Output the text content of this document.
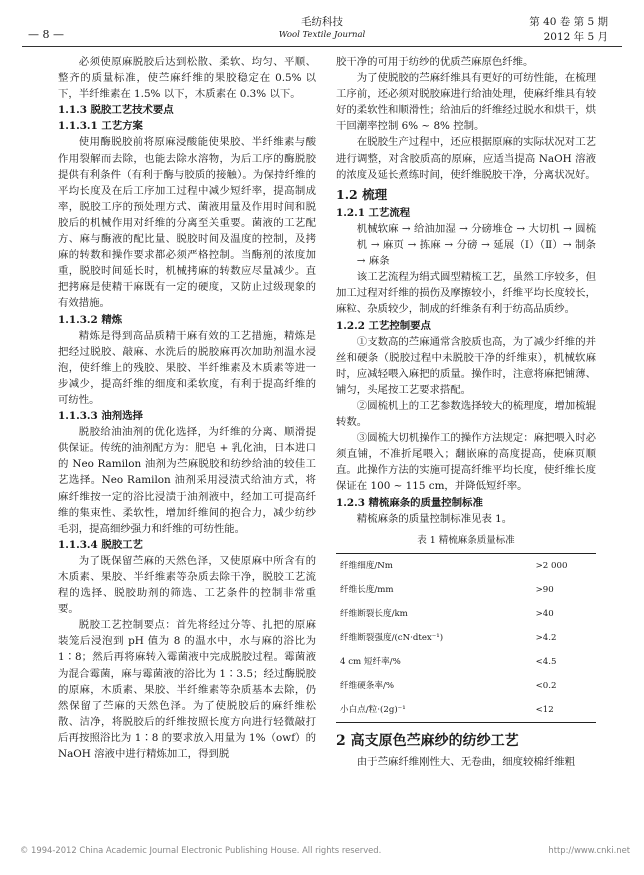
— 8 —
毛纺科技
Wool Textile Journal
第 40 卷 第 5 期
2012 年 5 月

必须使原麻脱胶后达到松散、柔软、均匀、平顺、整齐的质量标准，使苎麻纤维的果胶稳定在 0.5% 以下，半纤维素在 1.5% 以下，木质素在 0.3% 以下。

1.1.3 脱胶工艺技术要点
1.1.3.1 工艺方案

使用酶脱胶前将原麻浸酸能使果胶、半纤维素与酸作用裂解而去除，也能去除水溶物，为后工序的酶脱胶提供有利条件（有利于酶与胶质的接触）。为保持纤维的平均长度及在后工序加工过程中减少短纤率，提高制成率，脱胶工序的预处理方式、菌液用量及作用时间和脱胶后的机械作用对纤维的分离至关重要。菌液的工艺配方、麻与酶液的配比量、脱胶时间及温度的控制，及拷麻的转数和操作要求都必须严格控制。当酶剂的浓度加重，脱胶时间延长时，机械拷麻的转数应尽量减少。直把拷麻是使精干麻既有一定的硬度，又防止过级现象的有效措施。

1.1.3.2 精炼

精炼是得到高品质精干麻有效的工艺措施，精炼是把经过脱胶、敲麻、水洗后的脱胶麻再次加助剂温水浸泡，使纤维上的残胶、果胶、半纤维素及木质素等进一步减少，提高纤维的细度和柔软度，有利于提高纤维的可纺性。

1.1.3.3 油剂选择

脱胶给油油剂的优化选择，为纤维的分离、顺滑提供保证。传统的油剂配方为：肥皂 + 乳化油，日本进口的 Neo Ramilon 油剂为苎麻脱胶和纺纱给油的较佳工艺选择。Neo Ramilon 油剂采用浸渍式给油方式，将麻纤维按一定的浴比浸渍于油剂液中，经加工可提高纤维的集束性、柔软性，增加纤维间的抱合力，减少纺纱毛羽，提高细纱强力和纤维的可纺性能。

1.1.3.4 脱胶工艺

为了既保留苎麻的天然色泽，又使原麻中所含有的木质素、果胶、半纤维素等杂质去除干净，脱胶工艺流程的选择、脱胶助剂的筛选、工艺条件的控制非常重要。

脱胶工艺控制要点：首先将经过分等、扎把的原麻装笼后浸泡到 pH 值为 8 的温水中，水与麻的浴比为 1∶8；然后再将麻转入霉菌液中完成脱胶过程。霉菌液为混合霉菌，麻与霉菌液的浴比为 1∶3.5；经过酶脱胶的原麻，木质素、果胶、半纤维素等杂质基本去除，仍然保留了苎麻的天然色泽。为了使脱胶后的麻纤维松散、洁净，将脱胶后的纤维按照长度方向进行轻微敲打后再按照浴比为 1∶8 的要求放入用量为 1%（owf）的 NaOH 溶液中进行精炼加工，得到脱

胶干净的可用于纺纱的优质苎麻原色纤维。

为了使脱胶的苎麻纤维具有更好的可纺性能，在梳理工序前，还必须对脱胶麻进行给油处理，使麻纤维具有较好的柔软性和顺滑性；给油后的纤维经过脱水和烘干，烘干回潮率控制 6% ~ 8% 控制。

在脱胶生产过程中，还应根据原麻的实际状况对工艺进行调整，对含胶质高的原麻，应适当提高 NaOH 溶液的浓度及延长煮练时间，使纤维脱胶干净，分离状况好。

1.2 梳理
1.2.1 工艺流程

机械软麻 → 给油加湿 → 分磅堆仓 → 大切机 → 圆梳机 → 麻页 → 拣麻 → 分磅 → 延展（Ⅰ）（Ⅱ）→ 制条 → 麻条

该工艺流程为绢式圆型精梳工艺，虽然工序较多，但加工过程对纤维的损伤及摩擦较小，纤维平均长度较长，麻粒、杂质较少，制成的纤维条有利于纺高品质纱。

1.2.2 工艺控制要点

①支数高的苎麻通常含胶质也高，为了减少纤维的并丝和硬条（脱胶过程中未脱胶干净的纤维束），机械软麻时，应减轻喂入麻把的质量。操作时，注意将麻把铺薄、铺匀，头尾按工艺要求搭配。

②圆梳机上的工艺参数选择较大的梳理度，增加梳辊转数。

③圆梳大切机操作工的操作方法规定：麻把喂入时必须直铺，不准折尾喂入；翻嵌麻的高度提高，使麻页顺直。此操作方法的实施可提高纤维平均长度，使纤维长度保证在 100 ~ 115 cm，并降低短纤率。

1.2.3 精梳麻条的质量控制标准

精梳麻条的质量控制标准见表 1。

表 1 精梳麻条质量标准
纤维细度/Nm	>2 000
纤维长度/mm	>90
纤维断裂长度/km	>40
纤维断裂强度/(cN·dtex⁻¹)	>4.2
4 cm 短纤率/%	<4.5
纤维硬条率/%	<0.2
小白点/粒·(2g)⁻¹	<12
2 高支原色苎麻纱的纺纱工艺

由于苎麻纤维刚性大、无卷曲，细度较棉纤维粗

© 1994-2012 China Academic Journal Electronic Publishing House. All rights reserved.	http://www.cnki.net
